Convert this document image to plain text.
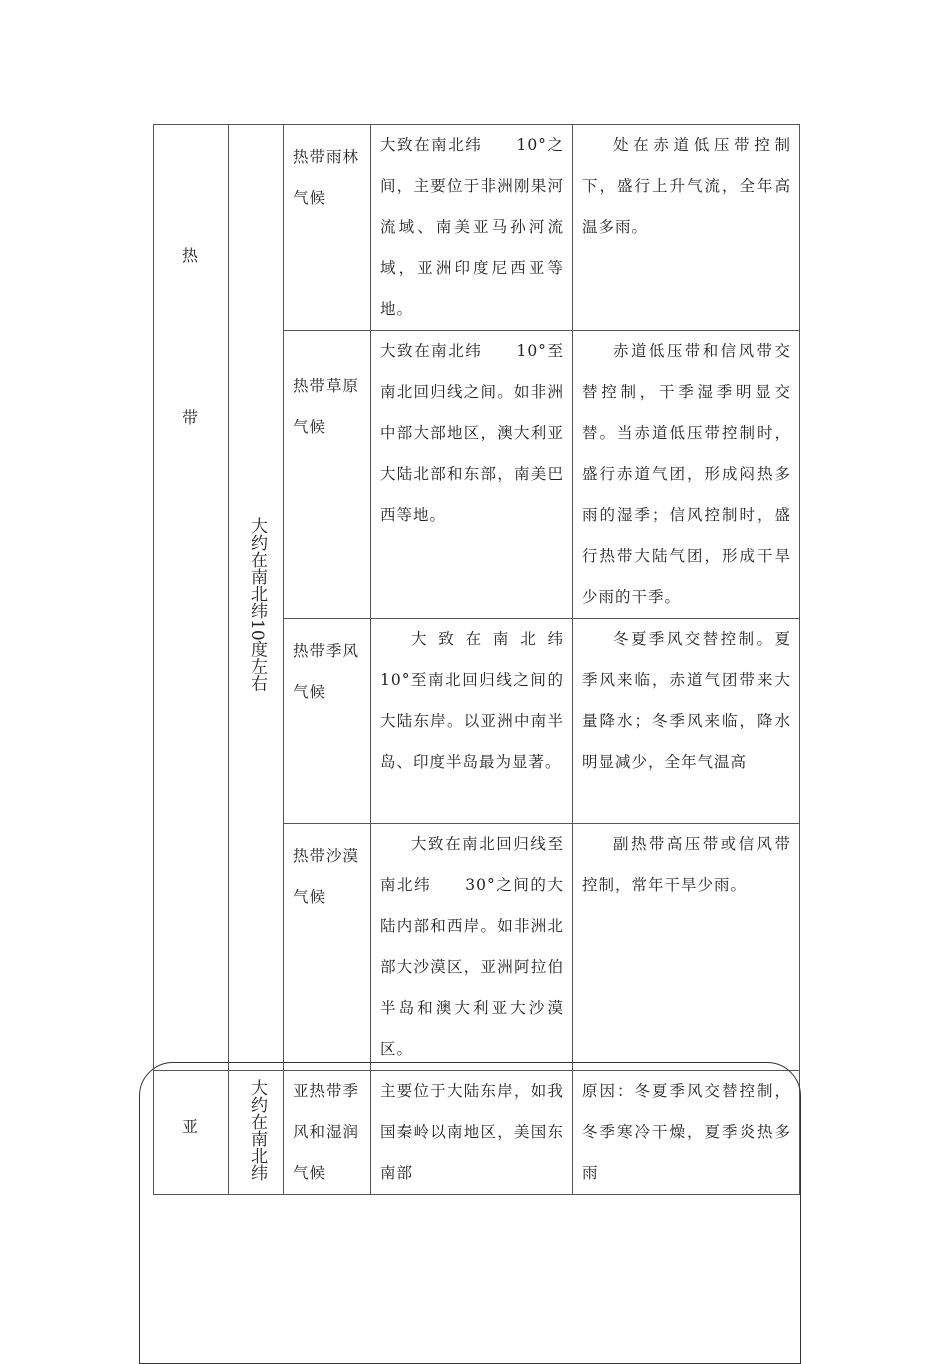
热
带	大约在南北纬10度左右	热带雨林气候	大致在南北纬　　10°之间，主要位于非洲刚果河流域、南美亚马孙河流域，亚洲印度尼西亚等地。	处在赤道低压带控制下，盛行上升气流，全年高温多雨。

		热带草原气候	大致在南北纬　　10°至南北回归线之间。如非洲中部大部地区，澳大利亚大陆北部和东部，南美巴西等地。	赤道低压带和信风带交替控制，干季湿季明显交替。当赤道低压带控制时，盛行赤道气团，形成闷热多雨的湿季；信风控制时，盛行热带大陆气团，形成干旱少雨的干季。

		热带季风气候	大致在南北纬　　10°至南北回归线之间的大陆东岸。以亚洲中南半岛、印度半岛最为显著。	冬夏季风交替控制。夏季风来临，赤道气团带来大量降水；冬季风来临，降水明显减少，全年气温高

		热带沙漠气候	大致在南北回归线至南北纬　　30°之间的大陆内部和西岸。如非洲北部大沙漠区，亚洲阿拉伯半岛和澳大利亚大沙漠区。	副热带高压带或信风带控制，常年干旱少雨。

亚	大约在南北纬	亚热带季风和湿润气候	主要位于大陆东岸，如我国秦岭以南地区，美国东南部	原因：冬夏季风交替控制，冬季寒冷干燥，夏季炎热多雨
